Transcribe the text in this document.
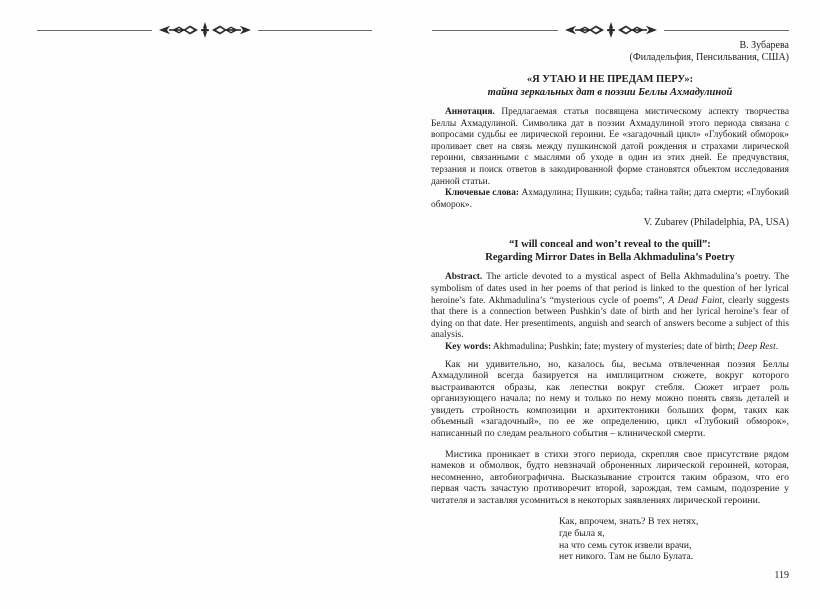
В. Зубарева
(Филадельфия, Пенсильвания, США)
«Я УТАЮ И НЕ ПРЕДАМ ПЕРУ»:
тайна зеркальных дат в поэзии Беллы Ахмадулиной
Аннотация. Предлагаемая статья посвящена мистическому аспекту творчества Беллы Ахмадулиной. Символика дат в поэзии Ахмадулиной этого периода связана с вопросами судьбы ее лирической героини. Ее «загадочный цикл» «Глубокий обморок» проливает свет на связь между пушкинской датой рождения и страхами лирической героини, связанными с мыслями об уходе в один из этих дней. Ее предчувствия, терзания и поиск ответов в закодированной форме становятся объектом исследования данной статьи.
Ключевые слова: Ахмадулина; Пушкин; судьба; тайна тайн; дата смерти; «Глубокий обморок».
V. Zubarev (Philadelphia, PA, USA)
“I will conceal and won’t reveal to the quill”:
Regarding Mirror Dates in Bella Akhmadulina’s Poetry
Abstract. The article devoted to a mystical aspect of Bella Akhmadulina’s poetry. The symbolism of dates used in her poems of that period is linked to the question of her lyrical heroine’s fate. Akhmadulina’s “mysterious cycle of poems”, A Dead Faint, clearly suggests that there is a connection between Pushkin’s date of birth and her lyrical heroine’s fear of dying on that date. Her presentiments, anguish and search of answers become a subject of this analysis.
Key words: Akhmadulina; Pushkin; fate; mystery of mysteries; date of birth; Deep Rest.

Как ни удивительно, но, казалось бы, весьма отвлеченная поэзия Беллы Ахмадулиной всегда базируется на имплицитном сюжете, вокруг которого выстраиваются образы, как лепестки вокруг стебля. Сюжет играет роль организующего начала; по нему и только по нему можно понять связь деталей и увидеть стройность композиции и архитектоники больших форм, таких как объемный «загадочный», по ее же определению, цикл «Глубокий обморок», написанный по следам реального события – клинической смерти.

Мистика проникает в стихи этого периода, скрепляя свое присутствие рядом намеков и обмолвок, будто невзначай оброненных лирической героиней, которая, несомненно, автобиографична. Высказывание строится таким образом, что его первая часть зачастую противоречит второй, зарождая, тем самым, подозрение у читателя и заставляя усомниться в некоторых заявлениях лирической героини.

Как, впрочем, знать? В тех нетях,
где была я,
на что семь суток извели врачи,
нет никого. Там не было Булата.
119
